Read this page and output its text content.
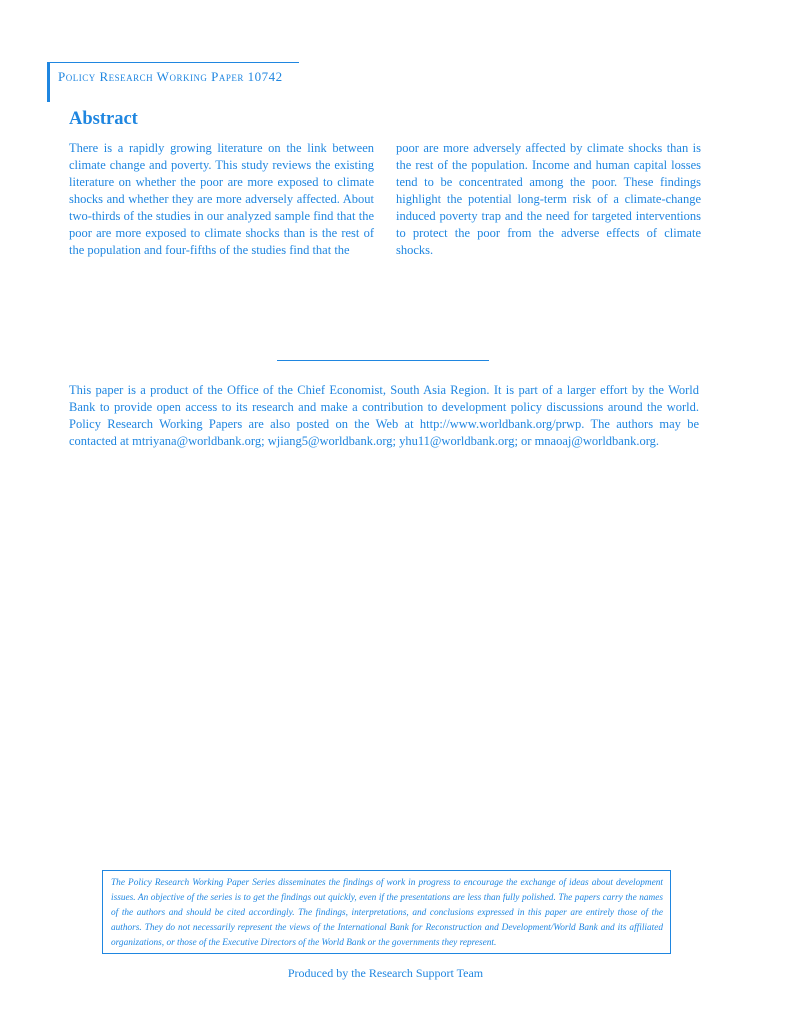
Policy Research Working Paper 10742
Abstract

There is a rapidly growing literature on the link between climate change and poverty. This study reviews the existing literature on whether the poor are more exposed to climate shocks and whether they are more adversely affected. About two-thirds of the studies in our analyzed sample find that the poor are more exposed to climate shocks than is the rest of the population and four-fifths of the studies find that the

poor are more adversely affected by climate shocks than is the rest of the population. Income and human capital losses tend to be concentrated among the poor. These findings highlight the potential long-term risk of a climate-change induced poverty trap and the need for targeted interventions to protect the poor from the adverse effects of climate shocks.

This paper is a product of the Office of the Chief Economist, South Asia Region. It is part of a larger effort by the World Bank to provide open access to its research and make a contribution to development policy discussions around the world. Policy Research Working Papers are also posted on the Web at http://www.worldbank.org/prwp. The authors may be contacted at mtriyana@worldbank.org; wjiang5@worldbank.org; yhu11@worldbank.org; or mnaoaj@worldbank.org.

The Policy Research Working Paper Series disseminates the findings of work in progress to encourage the exchange of ideas about development issues. An objective of the series is to get the findings out quickly, even if the presentations are less than fully polished. The papers carry the names of the authors and should be cited accordingly. The findings, interpretations, and conclusions expressed in this paper are entirely those of the authors. They do not necessarily represent the views of the International Bank for Reconstruction and Development/World Bank and its affiliated organizations, or those of the Executive Directors of the World Bank or the governments they represent.

Produced by the Research Support Team
